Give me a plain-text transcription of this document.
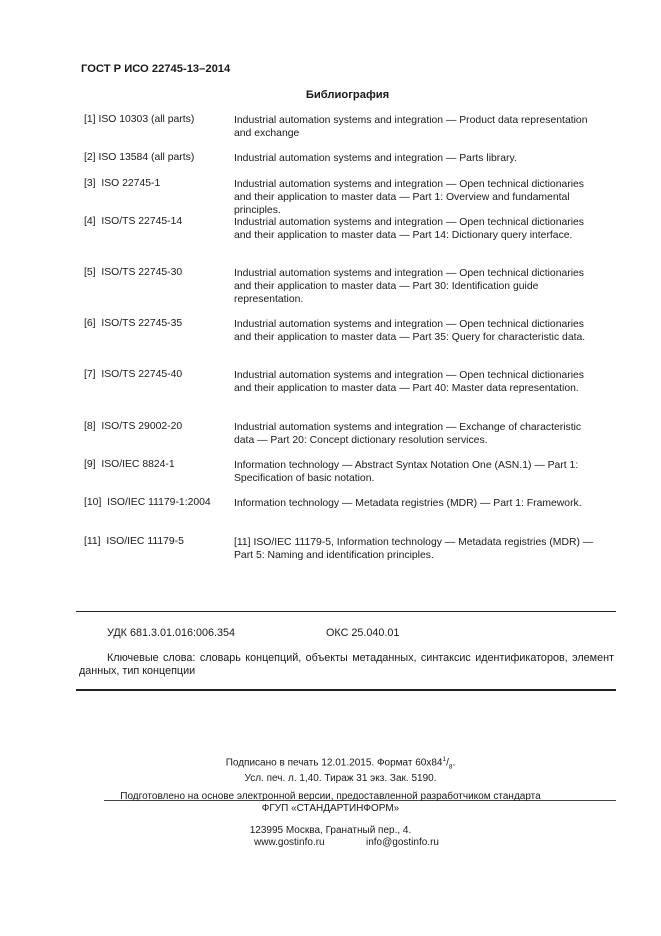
ГОСТ Р ИСО 22745-13–2014
Библиография
[1] ISO 10303 (all parts)	Industrial automation systems and integration — Product data representation and exchange
[2] ISO 13584 (all parts)	Industrial automation systems and integration — Parts library.
[3]  ISO 22745-1	Industrial automation systems and integration — Open technical dictionaries and their application to master data — Part 1: Overview and fundamental principles.
[4]  ISO/TS 22745-14	Industrial automation systems and integration — Open technical dictionaries and their application to master data — Part 14: Dictionary query interface.
[5]  ISO/TS 22745-30	Industrial automation systems and integration — Open technical dictionaries and their application to master data — Part 30: Identification guide representation.
[6]  ISO/TS 22745-35	Industrial automation systems and integration — Open technical dictionaries and their application to master data — Part 35: Query for characteristic data.
[7]  ISO/TS 22745-40	Industrial automation systems and integration — Open technical dictionaries and their application to master data — Part 40: Master data representation.
[8]  ISO/TS 29002-20	Industrial automation systems and integration — Exchange of characteristic data — Part 20: Concept dictionary resolution services.
[9]  ISO/IEC 8824-1	Information technology — Abstract Syntax Notation One (ASN.1) — Part 1: Specification of basic notation.
[10]  ISO/IEC 11179-1:2004 Information technology — Metadata registries (MDR) — Part 1: Framework.
[11]  ISO/IEC 11179-5	[11] ISO/IEC 11179-5, Information technology — Metadata registries (MDR) — Part 5: Naming and identification principles.
УДК 681.3.01.016:006.354	ОКС 25.040.01
Ключевые слова: словарь концепций, объекты метаданных, синтаксис идентификаторов, элемент данных, тип концепции
Подписано в печать 12.01.2015. Формат $60x84^1/_8$.
Усл. печ. л. 1,40. Тираж 31 экз. Зак. 5190.
Подготовлено на основе электронной версии, предоставленной разработчиком стандарта
ФГУП «СТАНДАРТИНФОРМ»
123995 Москва, Гранатный пер., 4.
www.gostinfo.ru	info@gostinfo.ru
